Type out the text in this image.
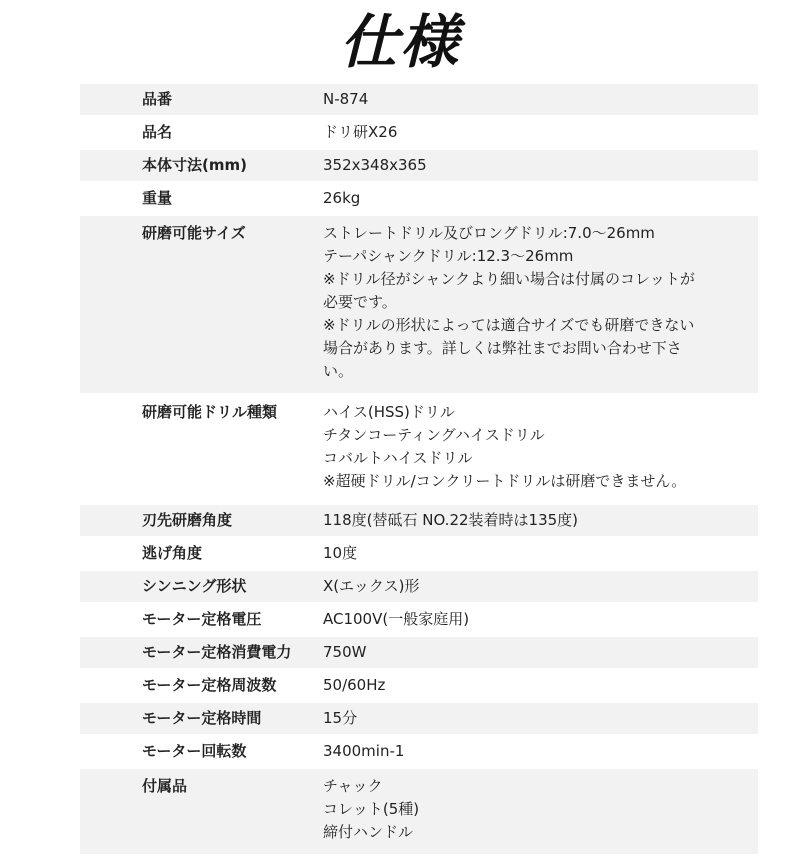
仕様
品番	N-874
品名	ドリ研X26
本体寸法(mm)	352x348x365
重量	26kg
研磨可能サイズ	ストレートドリル及びロングドリル:7.0～26mm
テーパシャンクドリル:12.3～26mm
※ドリル径がシャンクより細い場合は付属のコレットが
必要です。
※ドリルの形状によっては適合サイズでも研磨できない
場合があります。詳しくは弊社までお問い合わせ下さ
い。
研磨可能ドリル種類	ハイス(HSS)ドリル
チタンコーティングハイスドリル
コバルトハイスドリル
※超硬ドリル/コンクリートドリルは研磨できません。
刃先研磨角度	118度(替砥石 NO.22装着時は135度)
逃げ角度	10度
シンニング形状	X(エックス)形
モーター定格電圧	AC100V(一般家庭用)
モーター定格消費電力	750W
モーター定格周波数	50/60Hz
モーター定格時間	15分
モーター回転数	3400min-1
付属品	チャック
コレット(5種)
締付ハンドル
